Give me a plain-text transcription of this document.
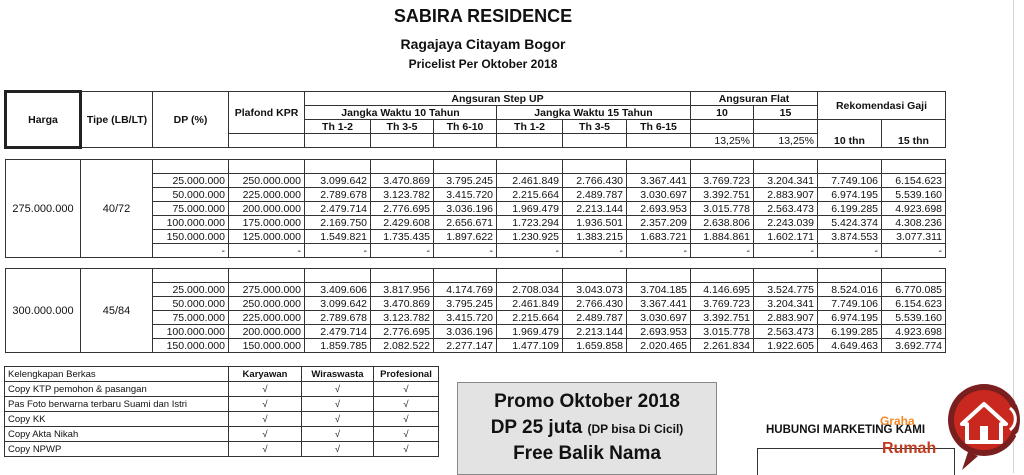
SABIRA RESIDENCE
Ragajaya Citayam Bogor
Pricelist Per Oktober 2018
Harga	Tipe (LB/LT)	DP (%)	Plafond KPR	Angsuran Step UP						Angsuran Flat		Rekomendasi Gaji	
				Jangka Waktu 10 Tahun			Jangka Waktu 15 Tahun			10	15		
				Th 1-2	Th 3-5	Th 6-10	Th 1-2	Th 3-5	Th 6-15			10 thn	15 thn
										13,25%	13,25%		

275.000.000	40/72												
		25.000.000	250.000.000	3.099.642	3.470.869	3.795.245	2.461.849	2.766.430	3.367.441	3.769.723	3.204.341	7.749.106	6.154.623
		50.000.000	225.000.000	2.789.678	3.123.782	3.415.720	2.215.664	2.489.787	3.030.697	3.392.751	2.883.907	6.974.195	5.539.160
		75.000.000	200.000.000	2.479.714	2.776.695	3.036.196	1.969.479	2.213.144	2.693.953	3.015.778	2.563.473	6.199.285	4.923.698
		100.000.000	175.000.000	2.169.750	2.429.608	2.656.671	1.723.294	1.936.501	2.357.209	2.638.806	2.243.039	5.424.374	4.308.236
		150.000.000	125.000.000	1.549.821	1.735.435	1.897.622	1.230.925	1.383.215	1.683.721	1.884.861	1.602.171	3.874.553	3.077.311
		-	-	-	-	-	-	-	-	-	-	-	-

300.000.000	45/84												
		25.000.000	275.000.000	3.409.606	3.817.956	4.174.769	2.708.034	3.043.073	3.704.185	4.146.695	3.524.775	8.524.016	6.770.085
		50.000.000	250.000.000	3.099.642	3.470.869	3.795.245	2.461.849	2.766.430	3.367.441	3.769.723	3.204.341	7.749.106	6.154.623
		75.000.000	225.000.000	2.789.678	3.123.782	3.415.720	2.215.664	2.489.787	3.030.697	3.392.751	2.883.907	6.974.195	5.539.160
		100.000.000	200.000.000	2.479.714	2.776.695	3.036.196	1.969.479	2.213.144	2.693.953	3.015.778	2.563.473	6.199.285	4.923.698
		150.000.000	150.000.000	1.859.785	2.082.522	2.277.147	1.477.109	1.659.858	2.020.465	2.261.834	1.922.605	4.649.463	3.692.774
Kelengkapan Berkas	Karyawan	Wiraswasta	Profesional
Copy KTP pemohon & pasangan	√	√	√
Pas Foto berwarna terbaru Suami dan Istri	√	√	√
Copy KK	√	√	√
Copy Akta Nikah	√	√	√
Copy NPWP	√	√	√
Promo Oktober 2018
DP 25 juta (DP bisa Di Cicil)
Free Balik Nama
HUBUNGI MARKETING KAMI
Graha
Rumah
